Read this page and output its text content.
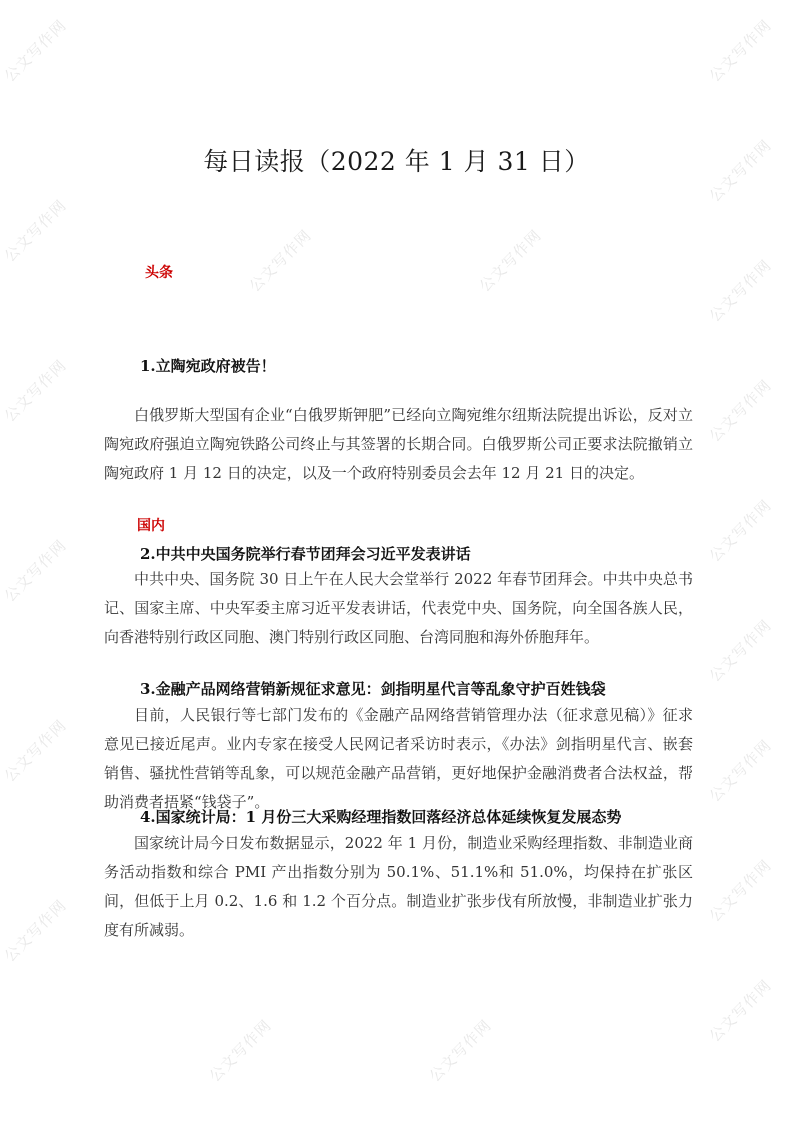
公文写作网
公文写作网
公文写作网
公文写作网
公文写作网
公文写作网
公文写作网
公文写作网
公文写作网
公文写作网
公文写作网
公文写作网
公文写作网
公文写作网
公文写作网
公文写作网	公文写作网
公文写作网	公文写作网
每日读报（2022 年 1 月 31 日）
头条
1.立陶宛政府被告！

白俄罗斯大型国有企业“白俄罗斯钾肥”已经向立陶宛维尔纽斯法院提出诉讼，反对立陶宛政府强迫立陶宛铁路公司终止与其签署的长期合同。白俄罗斯公司正要求法院撤销立陶宛政府 1 月 12 日的决定，以及一个政府特别委员会去年 12 月 21 日的决定。

国内
2.中共中央国务院举行春节团拜会习近平发表讲话

中共中央、国务院 30 日上午在人民大会堂举行 2022 年春节团拜会。中共中央总书记、国家主席、中央军委主席习近平发表讲话，代表党中央、国务院，向全国各族人民，向香港特别行政区同胞、澳门特别行政区同胞、台湾同胞和海外侨胞拜年。

3.金融产品网络营销新规征求意见：剑指明星代言等乱象守护百姓钱袋

目前，人民银行等七部门发布的《金融产品网络营销管理办法（征求意见稿）》征求意见已接近尾声。业内专家在接受人民网记者采访时表示，《办法》剑指明星代言、嵌套销售、骚扰性营销等乱象，可以规范金融产品营销，更好地保护金融消费者合法权益，帮助消费者捂紧“钱袋子”。

4.国家统计局：1 月份三大采购经理指数回落经济总体延续恢复发展态势

国家统计局今日发布数据显示，2022 年 1 月份，制造业采购经理指数、非制造业商务活动指数和综合 PMI 产出指数分别为 50.1%、51.1%和 51.0%，均保持在扩张区间，但低于上月 0.2、1.6 和 1.2 个百分点。制造业扩张步伐有所放慢，非制造业扩张力度有所减弱。
